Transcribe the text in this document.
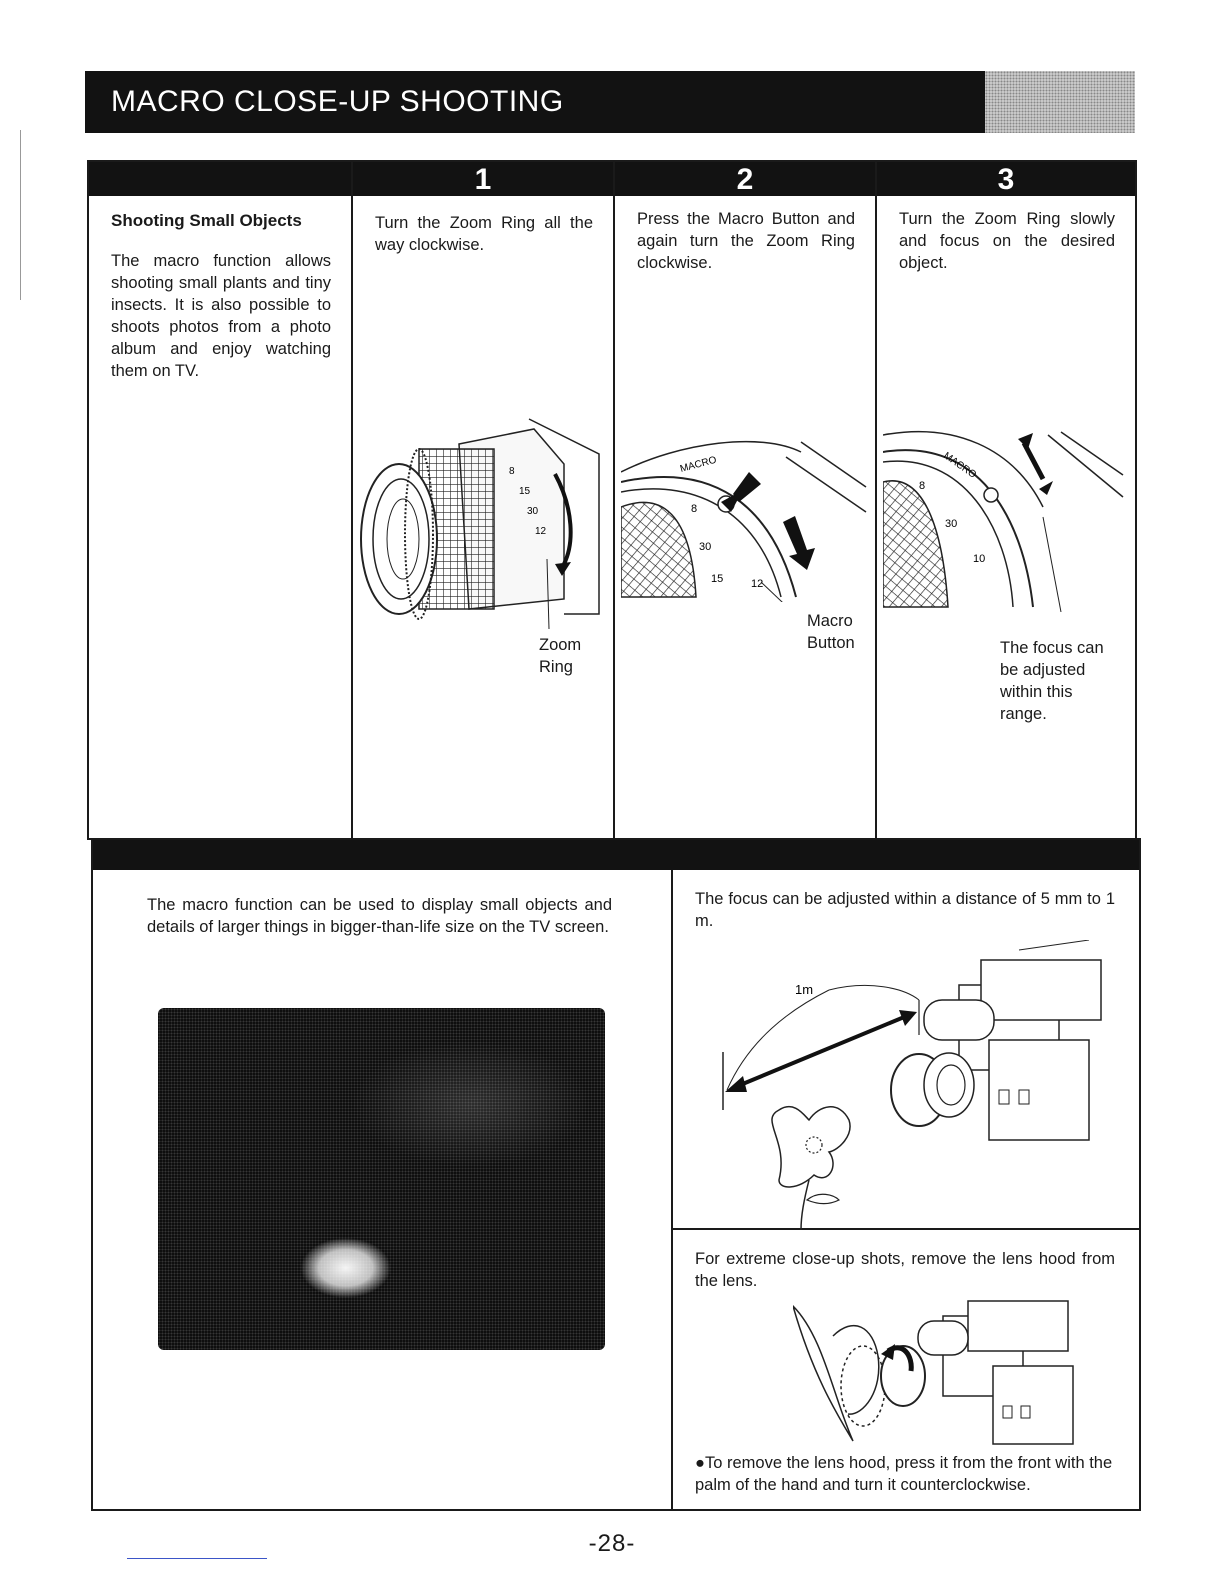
MACRO CLOSE-UP SHOOTING
Shooting Small Objects
The macro function allows shooting small plants and tiny insects. It is also possible to shoots photos from a photo album and enjoy watching them on TV.
1
Turn the Zoom Ring all the way clockwise.
8
15
30
12
Zoom
Ring
2
Press the Macro Button and again turn the Zoom Ring clockwise.
MACRO
8
30
15	12
Macro
Button
3
Turn the Zoom Ring slowly and focus on the desired object.
MACRO
8
30
10
The focus can
be adjusted
within this
range.
The macro function can be used to display small objects and details of larger things in bigger-than-life size on the TV screen.
The focus can be adjusted within a distance of 5 mm to 1 m.
1m
For extreme close-up shots, remove the lens hood from the lens.
●To remove the lens hood, press it from the front with the palm of the hand and turn it counterclockwise.
-28-
